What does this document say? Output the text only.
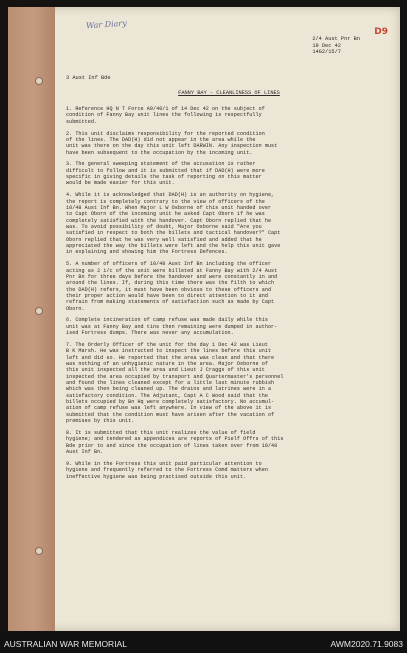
War Diary
D9
2/4 Aust Pnr Bn
19 Dec 42
14G2/15/7
3 Aust Inf Bde
FANNY BAY - CLEANLINESS OF LINES
1. Reference HQ N T Force A9/40/1 of 14 Dec 42 on the subject of
condition of Fanny Bay unit lines the following is respectfully
submitted.
2. This unit disclaims responsibility for the reported condition
of the lines. The DAD(H) did not appear in the area while the
unit was there on the day this unit left DARWIN. Any inspection must
have been subsequent to the occupation by the incoming unit.
3. The general sweeping statement of the accusation is rather
difficult to follow and it is submitted that if DAD(H) were more
specific in giving details the task of reporting on this matter
would be made easier for this unit.
4. While it is acknowledged that DAD(H) is an authority on hygiene,
the report is completely contrary to the view of officers of the
10/48 Aust Inf Bn. When Major L W Osborne of this unit handed over
to Capt Oborn of the incoming unit he asked Capt Oborn if he was
completely satisfied with the handover. Capt Oborn replied that he
was. To avoid possibility of doubt, Major Osborne said "Are you
satisfied in respect to both the billets and tactical handover?" Capt
Oborn replied that he was very well satisfied and added that he
appreciated the way the billets were left and the help this unit gave
in explaining and showing him the Fortress Defences.
5. A number of officers of 10/48 Aust Inf Bn including the officer
acting as 2 i/c of the unit were billeted at Fanny Bay with 2/4 Aust
Pnr Bn for three days before the handover and were constantly in and
around the lines. If, during this time there was the filth to which
the DAD(H) refers, it must have been obvious to these officers and
their proper action would have been to direct attention to it and
refrain from making statements of satisfaction such as made by Capt
Oborn.
6. Complete incineration of camp refuse was made daily while this
unit was at Fanny Bay and tins then remaining were dumped in author-
ised Fortress dumps. There was never any accumulation.
7. The Orderly Officer of the unit for the day 1 Dec 42 was Lieut
B K Marsh. He was instructed to inspect the lines before this unit
left and did so. He reported that the area was clean and that there
was nothing of an unhygienic nature in the area. Major Osborne of
this unit inspected all the area and Lieut J Craggs of this unit
inspected the area occupied by transport and Quartermaster's personnel
and found the lines cleaned except for a little last minute rubbish
which was then being cleaned up. The drains and latrines were in a
satisfactory condition. The Adjutant, Capt A C Wood said that the
billets occupied by Bn Hq were completely satisfactory. No accumul-
ation of camp refuse was left anywhere. In view of the above it is
submitted that the condition must have arisen after the vacation of
premises by this unit.
8. It is submitted that this unit realizes the value of field
hygiene; and tendered as appendices are reports of Pielf Offrs of this
Bde prior to and since the occupation of lines taken over from 10/48
Aust Inf Bn.
9. While in the Fortress this unit paid particular attention to
hygiene and frequently referred to the Fortress Comd matters when
ineffective hygiene was being practised outside this unit.
AUSTRALIAN WAR MEMORIAL	AWM2020.71.9083
